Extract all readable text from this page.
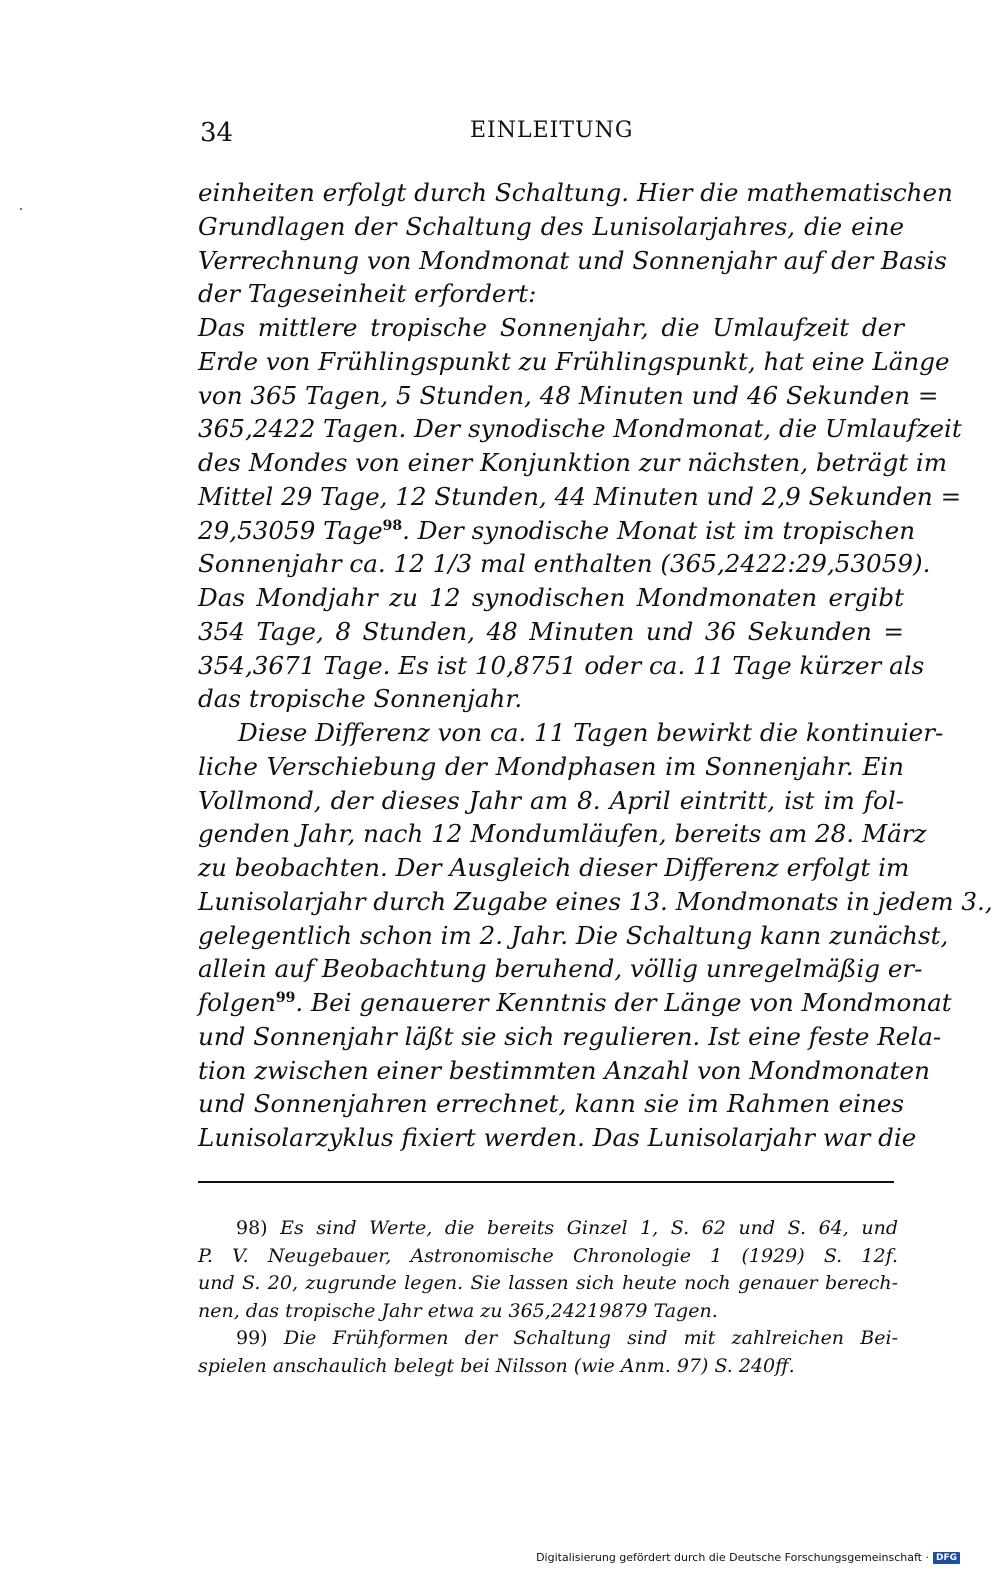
34	EINLEITUNG
einheiten erfolgt durch Schaltung. Hier die mathematischen
Grundlagen der Schaltung des Lunisolarjahres, die eine
Verrechnung von Mondmonat und Sonnenjahr auf der Basis
der Tageseinheit erfordert:
Das mittlere tropische Sonnenjahr, die Umlaufzeit der
Erde von Frühlingspunkt zu Frühlingspunkt, hat eine Länge
von 365 Tagen, 5 Stunden, 48 Minuten und 46 Sekunden =
365,2422 Tagen. Der synodische Mondmonat, die Umlaufzeit
des Mondes von einer Konjunktion zur nächsten, beträgt im
Mittel 29 Tage, 12 Stunden, 44 Minuten und 2,9 Sekunden =
29,53059 Tage$^{98}$. Der synodische Monat ist im tropischen
Sonnenjahr ca. 12 1/3 mal enthalten (365,2422:29,53059).
Das Mondjahr zu 12 synodischen Mondmonaten ergibt
354 Tage, 8 Stunden, 48 Minuten und 36 Sekunden =
354,3671 Tage. Es ist 10,8751 oder ca. 11 Tage kürzer als
das tropische Sonnenjahr.
Diese Differenz von ca. 11 Tagen bewirkt die kontinuier-
liche Verschiebung der Mondphasen im Sonnenjahr. Ein
Vollmond, der dieses Jahr am 8. April eintritt, ist im fol-
genden Jahr, nach 12 Mondumläufen, bereits am 28. März
zu beobachten. Der Ausgleich dieser Differenz erfolgt im
Lunisolarjahr durch Zugabe eines 13. Mondmonats in jedem 3.,
gelegentlich schon im 2. Jahr. Die Schaltung kann zunächst,
allein auf Beobachtung beruhend, völlig unregelmäßig er-
folgen$^{99}$. Bei genauerer Kenntnis der Länge von Mondmonat
und Sonnenjahr läßt sie sich regulieren. Ist eine feste Rela-
tion zwischen einer bestimmten Anzahl von Mondmonaten
und Sonnenjahren errechnet, kann sie im Rahmen eines
Lunisolarzyklus fixiert werden. Das Lunisolarjahr war die
98) Es sind Werte, die bereits Ginzel 1, S. 62 und S. 64, und
P. V. Neugebauer, Astronomische Chronologie 1 (1929) S. 12f.
und S. 20, zugrunde legen. Sie lassen sich heute noch genauer berech-
nen, das tropische Jahr etwa zu 365,24219879 Tagen.
99) Die Frühformen der Schaltung sind mit zahlreichen Bei-
spielen anschaulich belegt bei Nilsson (wie Anm. 97) S. 240ff.
Digitalisierung gefördert durch die Deutsche Forschungsgemeinschaft · DFG
